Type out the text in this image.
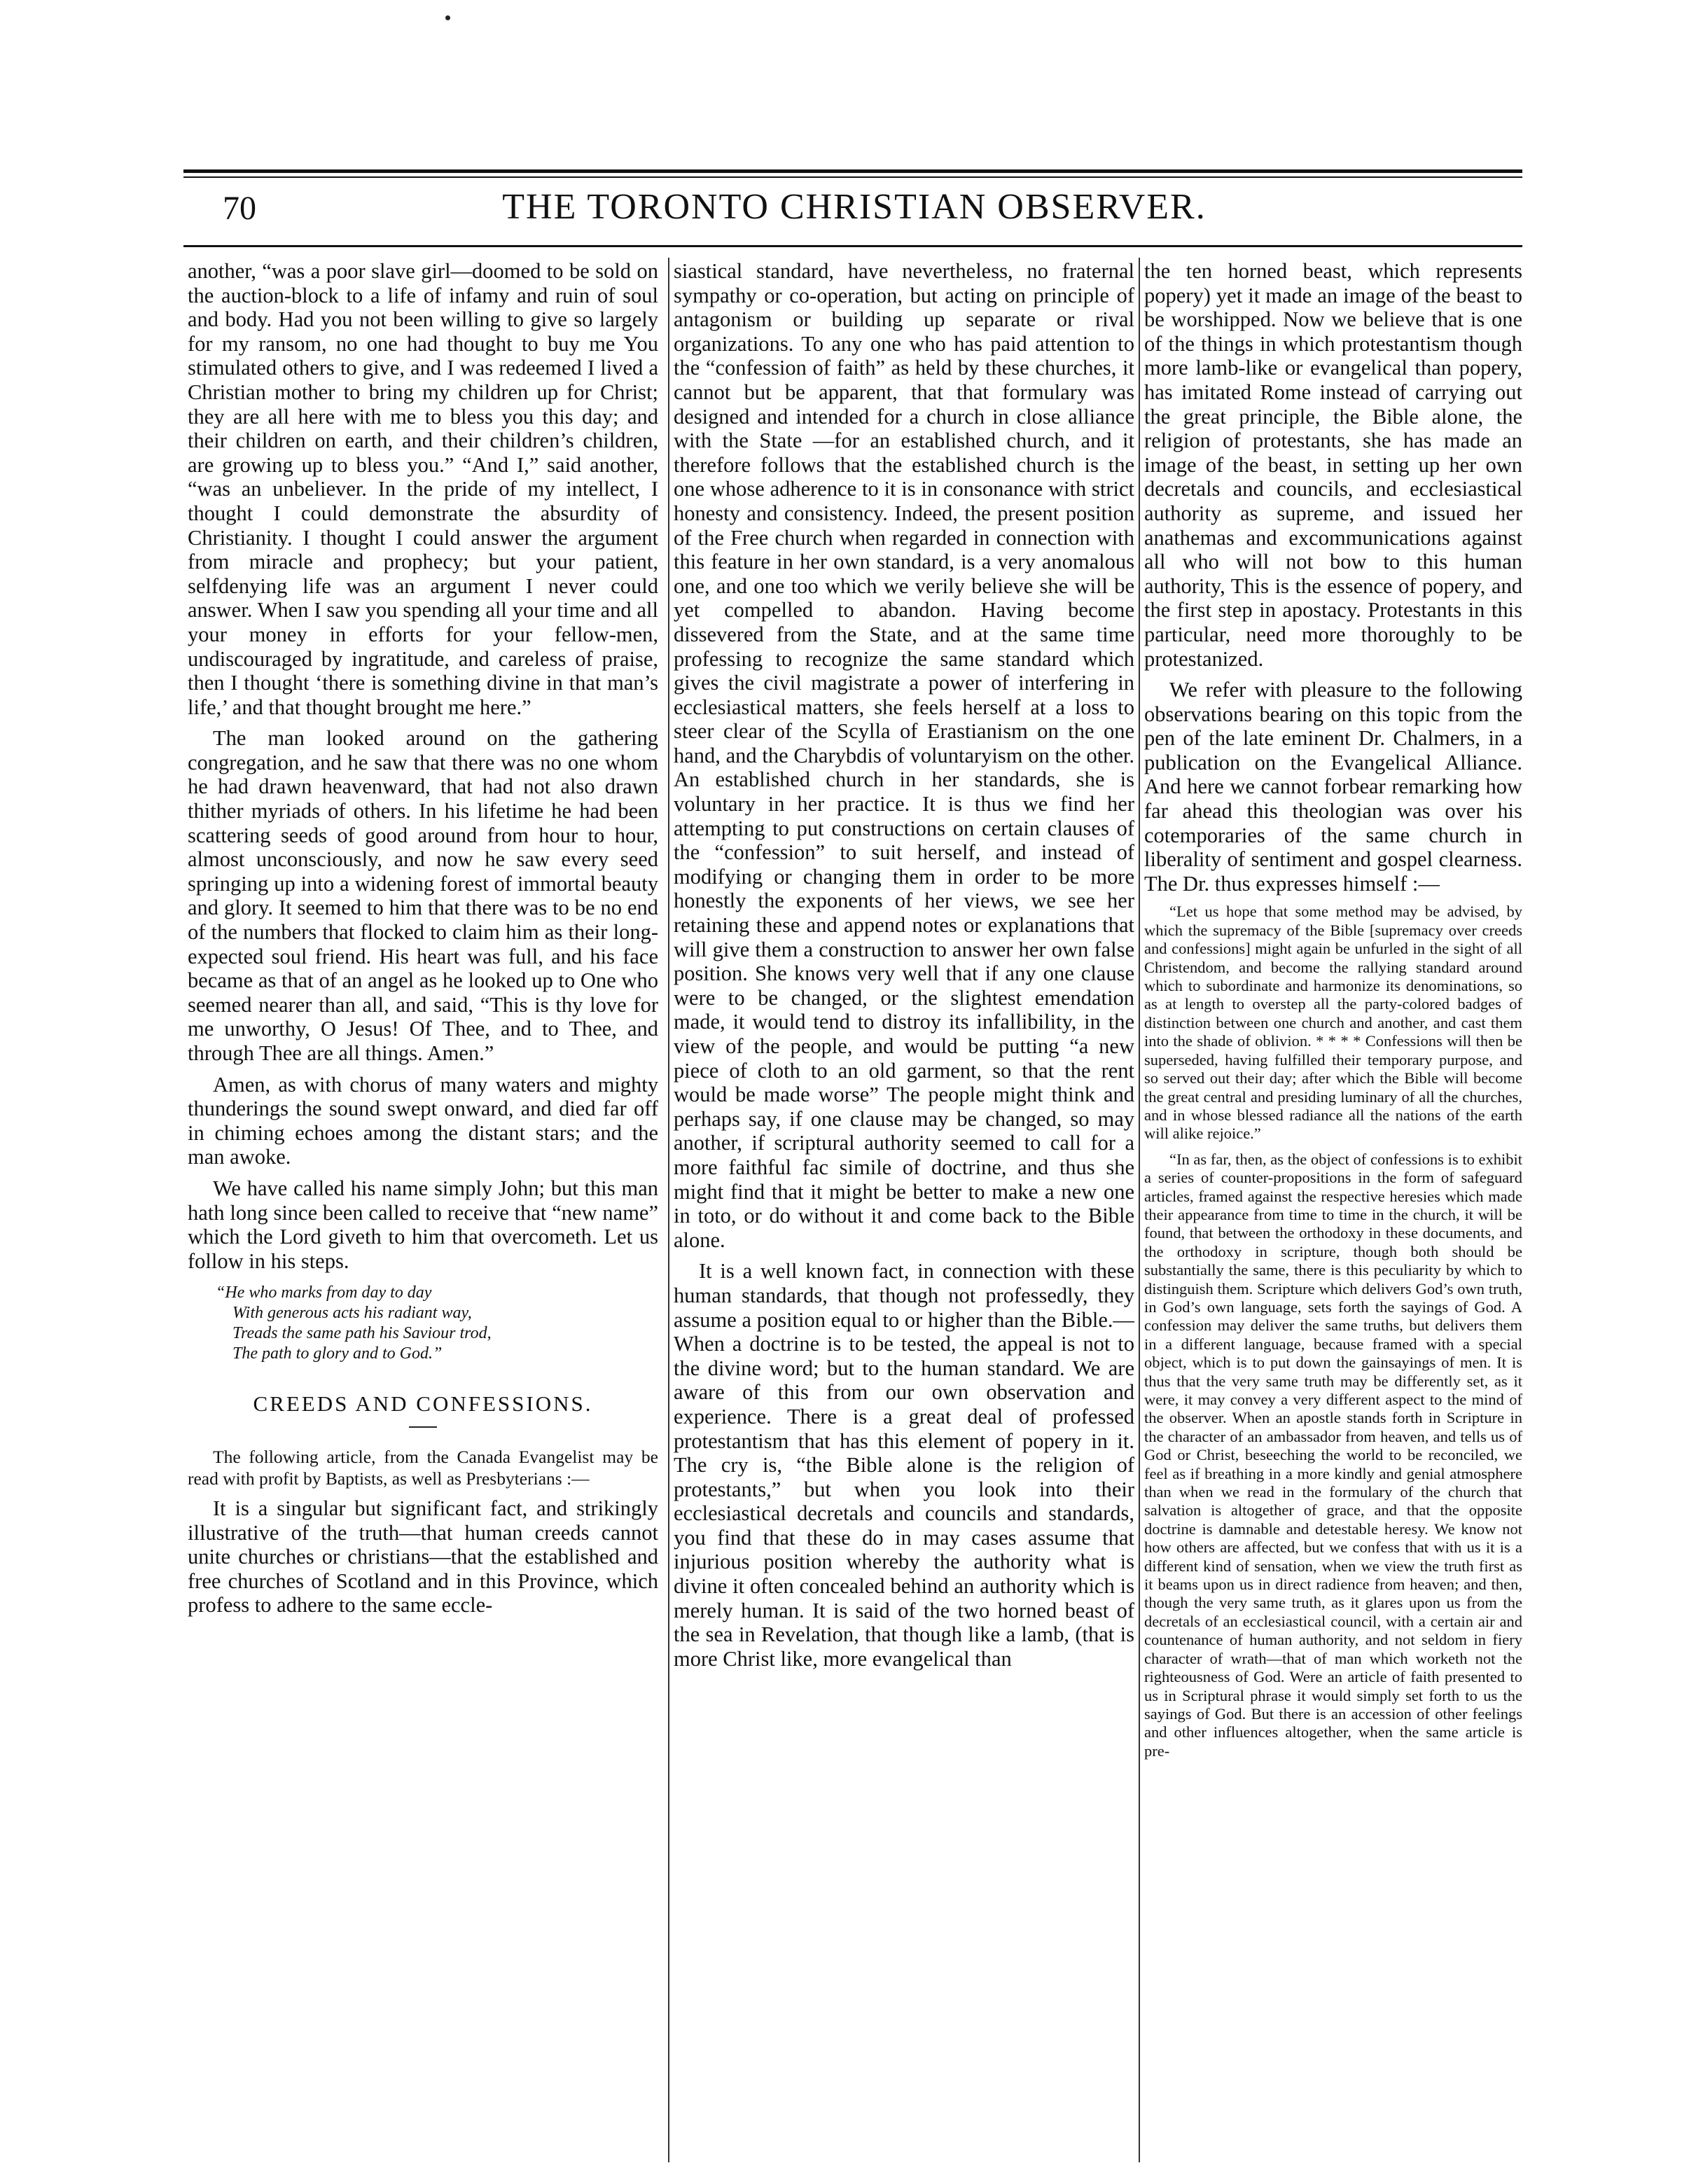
70	THE TORONTO CHRISTIAN OBSERVER.

another, “was a poor slave girl—doomed to be sold on the auction-block to a life of infamy and ruin of soul and body. Had you not been willing to give so largely for my ransom, no one had thought to buy me You stimulated others to give, and I was redeemed I lived a Christian mother to bring my children up for Christ; they are all here with me to bless you this day; and their children on earth, and their children’s children, are growing up to bless you.” “And I,” said another, “was an unbeliever. In the pride of my intellect, I thought I could demonstrate the absurdity of Christianity. I thought I could answer the argument from miracle and prophecy; but your patient, selfdenying life was an argument I never could answer. When I saw you spending all your time and all your money in efforts for your fellow-men, undiscouraged by ingratitude, and careless of praise, then I thought ‘there is something divine in that man’s life,’ and that thought brought me here.”

The man looked around on the gathering congregation, and he saw that there was no one whom he had drawn heavenward, that had not also drawn thither myriads of others. In his lifetime he had been scattering seeds of good around from hour to hour, almost unconsciously, and now he saw every seed springing up into a widening forest of immortal beauty and glory. It seemed to him that there was to be no end of the numbers that flocked to claim him as their long-expected soul friend. His heart was full, and his face became as that of an angel as he looked up to One who seemed nearer than all, and said, “This is thy love for me unworthy, O Jesus! Of Thee, and to Thee, and through Thee are all things. Amen.”

Amen, as with chorus of many waters and mighty thunderings the sound swept onward, and died far off in chiming echoes among the distant stars; and the man awoke.

We have called his name simply John; but this man hath long since been called to receive that “new name” which the Lord giveth to him that overcometh. Let us follow in his steps.

“He who marks from day to day
With generous acts his radiant way,
Treads the same path his Saviour trod,
The path to glory and to God.”
CREEDS AND CONFESSIONS.

The following article, from the Canada Evangelist may be read with profit by Baptists, as well as Presbyterians :—

It is a singular but significant fact, and strikingly illustrative of the truth—that human creeds cannot unite churches or christians—that the established and free churches of Scotland and in this Province, which profess to adhere to the same eccle-

siastical standard, have nevertheless, no fraternal sympathy or co-operation, but acting on principle of antagonism or building up separate or rival organizations. To any one who has paid attention to the “confession of faith” as held by these churches, it cannot but be apparent, that that formulary was designed and intended for a church in close alliance with the State —for an established church, and it therefore follows that the established church is the one whose adherence to it is in consonance with strict honesty and consistency. Indeed, the present position of the Free church when regarded in connection with this feature in her own standard, is a very anomalous one, and one too which we verily believe she will be yet compelled to abandon. Having become dissevered from the State, and at the same time professing to recognize the same standard which gives the civil magistrate a power of interfering in ecclesiastical matters, she feels herself at a loss to steer clear of the Scylla of Erastianism on the one hand, and the Charybdis of voluntaryism on the other. An established church in her standards, she is voluntary in her practice. It is thus we find her attempting to put constructions on certain clauses of the “confession” to suit herself, and instead of modifying or changing them in order to be more honestly the exponents of her views, we see her retaining these and append notes or explanations that will give them a construction to answer her own false position. She knows very well that if any one clause were to be changed, or the slightest emendation made, it would tend to distroy its infallibility, in the view of the people, and would be putting “a new piece of cloth to an old garment, so that the rent would be made worse” The people might think and perhaps say, if one clause may be changed, so may another, if scriptural authority seemed to call for a more faithful fac simile of doctrine, and thus she might find that it might be better to make a new one in toto, or do without it and come back to the Bible alone.

It is a well known fact, in connection with these human standards, that though not professedly, they assume a position equal to or higher than the Bible.—When a doctrine is to be tested, the appeal is not to the divine word; but to the human standard. We are aware of this from our own observation and experience. There is a great deal of professed protestantism that has this element of popery in it. The cry is, “the Bible alone is the religion of protestants,” but when you look into their ecclesiastical decretals and councils and standards, you find that these do in may cases assume that injurious position whereby the authority what is divine it often concealed behind an authority which is merely human. It is said of the two horned beast of the sea in Revelation, that though like a lamb, (that is more Christ like, more evangelical than

the ten horned beast, which represents popery) yet it made an image of the beast to be worshipped. Now we believe that is one of the things in which protestantism though more lamb-like or evangelical than popery, has imitated Rome instead of carrying out the great principle, the Bible alone, the religion of protestants, she has made an image of the beast, in setting up her own decretals and councils, and ecclesiastical authority as supreme, and issued her anathemas and excommunications against all who will not bow to this human authority, This is the essence of popery, and the first step in apostacy. Protestants in this particular, need more thoroughly to be protestanized.

We refer with pleasure to the following observations bearing on this topic from the pen of the late eminent Dr. Chalmers, in a publication on the Evangelical Alliance. And here we cannot forbear remarking how far ahead this theologian was over his cotemporaries of the same church in liberality of sentiment and gospel clearness. The Dr. thus expresses himself :—

“Let us hope that some method may be advised, by which the supremacy of the Bible [supremacy over creeds and confessions] might again be unfurled in the sight of all Christendom, and become the rallying standard around which to subordinate and harmonize its denominations, so as at length to overstep all the party-colored badges of distinction between one church and another, and cast them into the shade of oblivion. * * * * Confessions will then be superseded, having fulfilled their temporary purpose, and so served out their day; after which the Bible will become the great central and presiding luminary of all the churches, and in whose blessed radiance all the nations of the earth will alike rejoice.”

“In as far, then, as the object of confessions is to exhibit a series of counter-propositions in the form of safeguard articles, framed against the respective heresies which made their appearance from time to time in the church, it will be found, that between the orthodoxy in these documents, and the orthodoxy in scripture, though both should be substantially the same, there is this peculiarity by which to distinguish them. Scripture which delivers God’s own truth, in God’s own language, sets forth the sayings of God. A confession may deliver the same truths, but delivers them in a different language, because framed with a special object, which is to put down the gainsayings of men. It is thus that the very same truth may be differently set, as it were, it may convey a very different aspect to the mind of the observer. When an apostle stands forth in Scripture in the character of an ambassador from heaven, and tells us of God or Christ, beseeching the world to be reconciled, we feel as if breathing in a more kindly and genial atmosphere than when we read in the formulary of the church that salvation is altogether of grace, and that the opposite doctrine is damnable and detestable heresy. We know not how others are affected, but we confess that with us it is a different kind of sensation, when we view the truth first as it beams upon us in direct radience from heaven; and then, though the very same truth, as it glares upon us from the decretals of an ecclesiastical council, with a certain air and countenance of human authority, and not seldom in fiery character of wrath—that of man which worketh not the righteousness of God. Were an article of faith presented to us in Scriptural phrase it would simply set forth to us the sayings of God. But there is an accession of other feelings and other influences altogether, when the same article is pre-
